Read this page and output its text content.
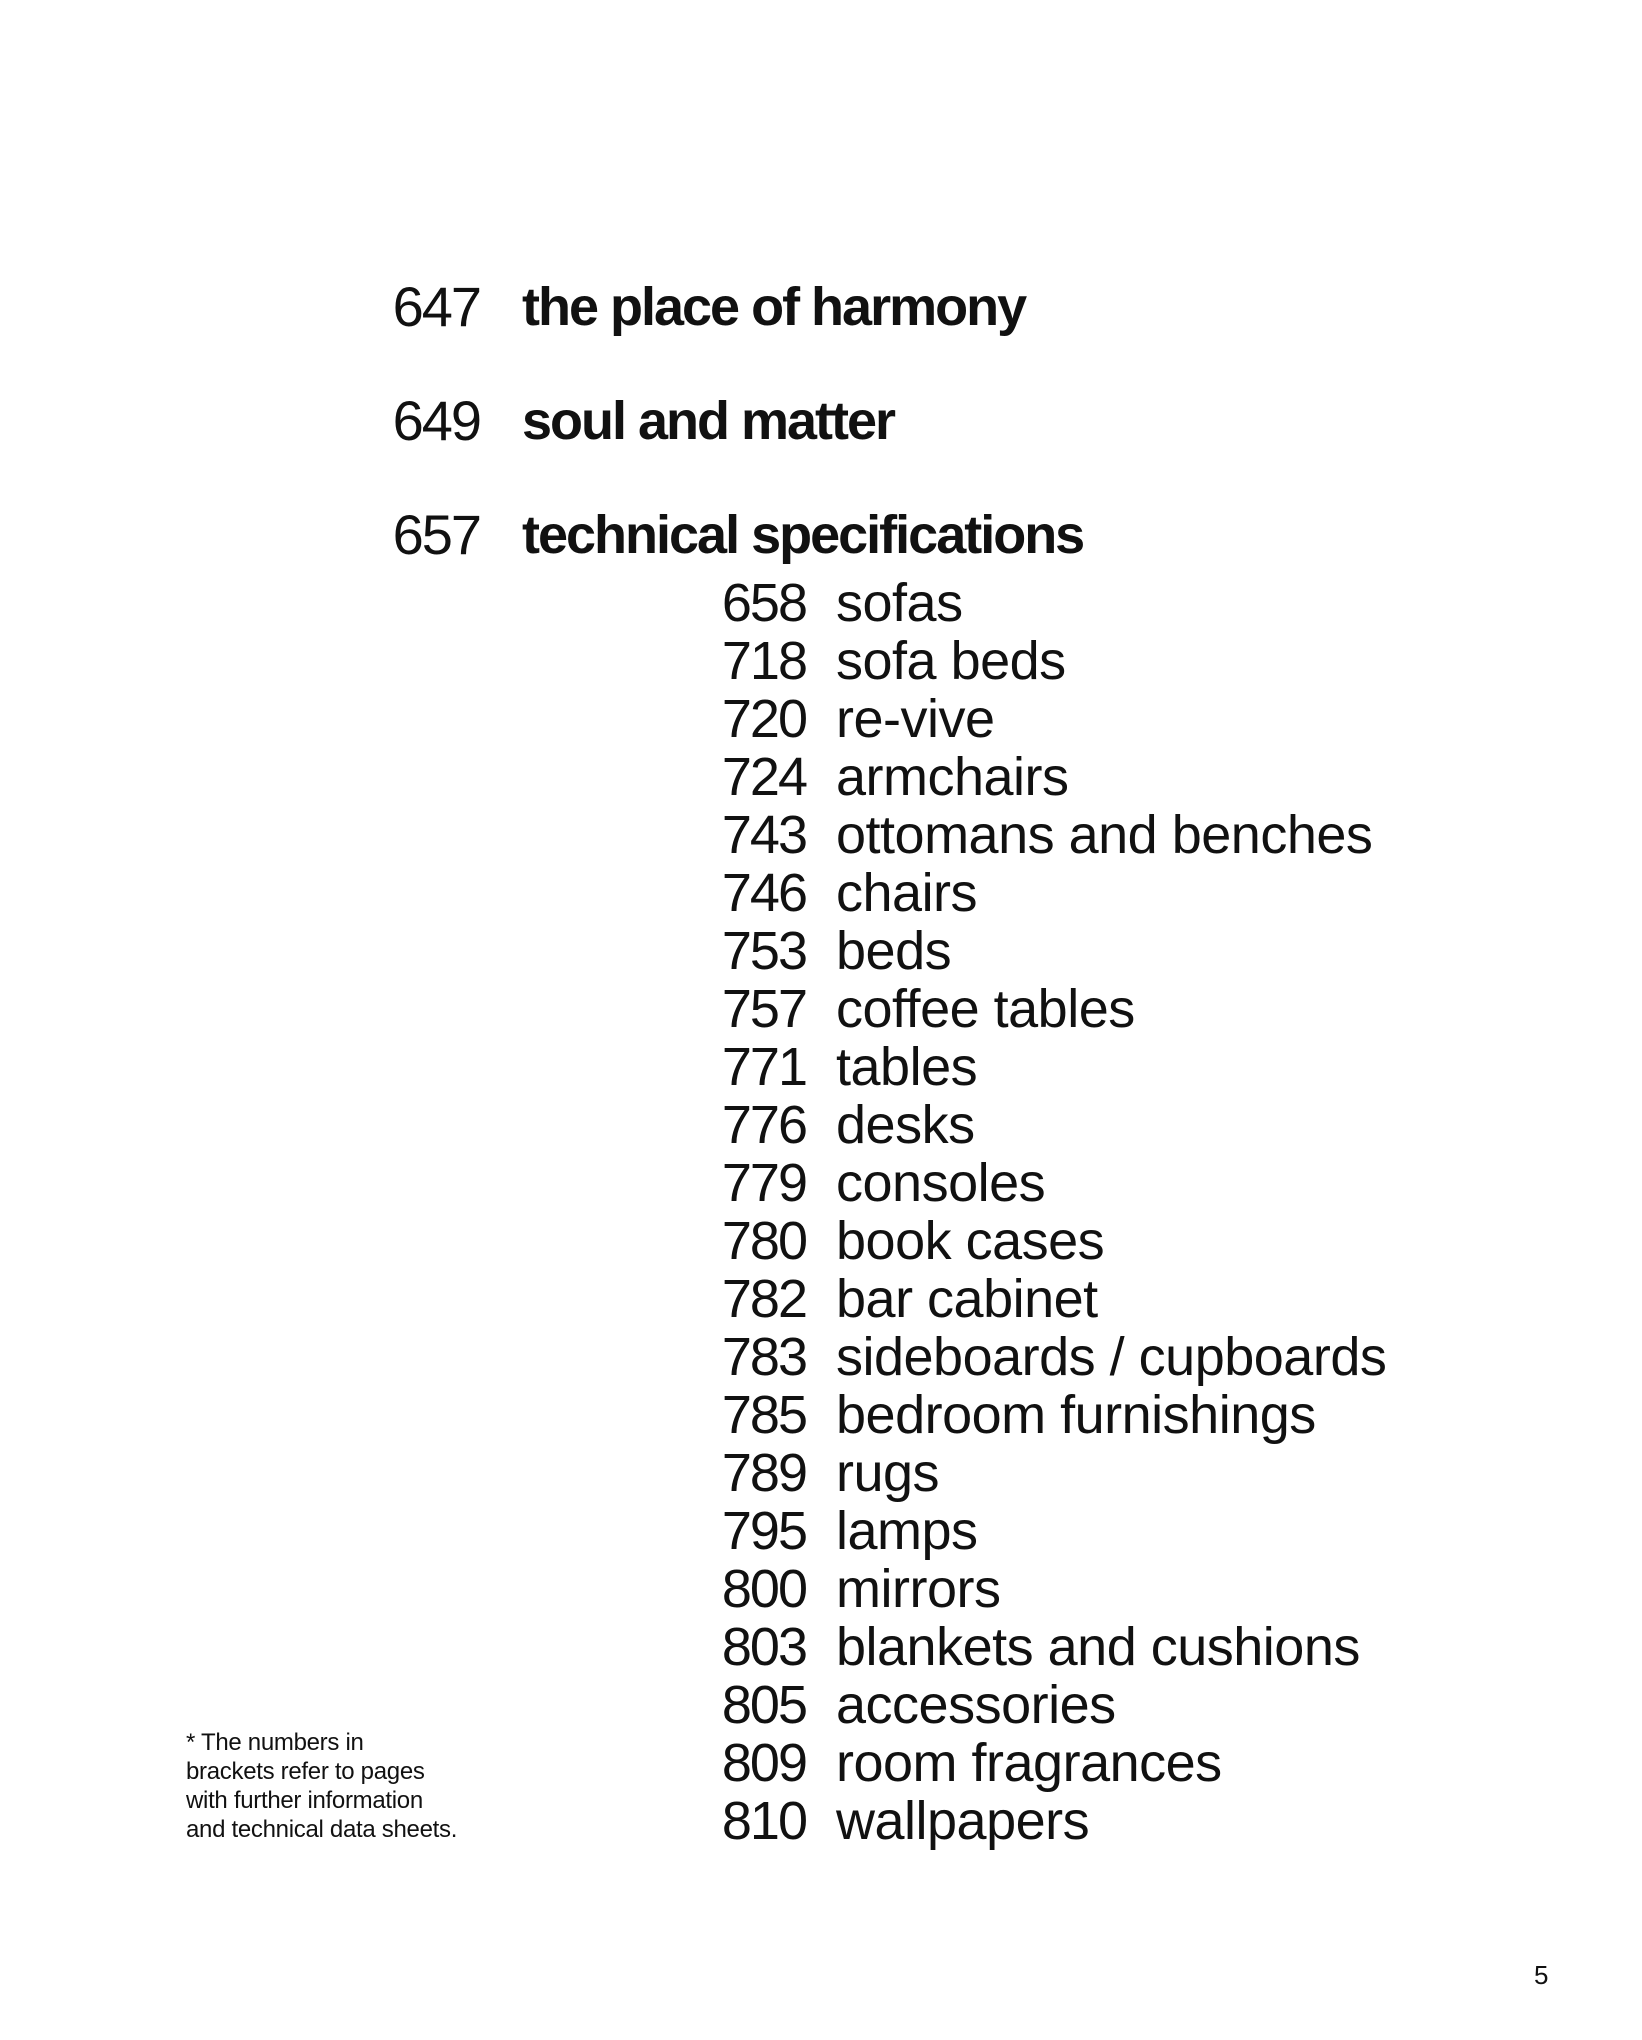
647 the place of harmony
649 soul and matter
657 technical specifications
658 sofas
718 sofa beds
720 re-vive
724 armchairs
743 ottomans and benches
746 chairs
753 beds
757 coffee tables
771 tables
776 desks
779 consoles
780 book cases
782 bar cabinet
783 sideboards / cupboards
785 bedroom furnishings
789 rugs
795 lamps
800 mirrors
803 blankets and cushions
805 accessories
809 room fragrances
810 wallpapers
* The numbers in
brackets refer to pages
with further information
and technical data sheets.
5
